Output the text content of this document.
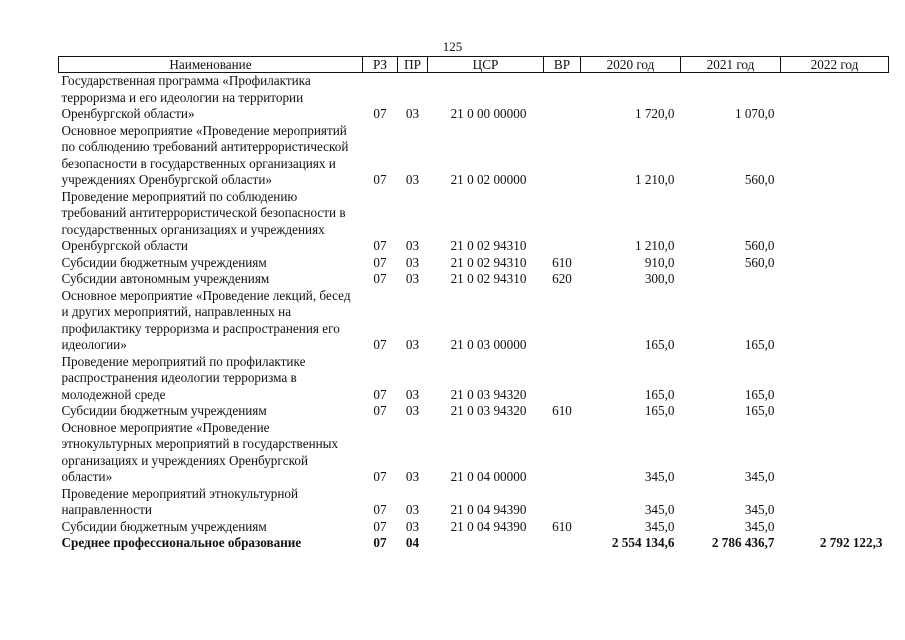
125
Наименование	РЗ	ПР	ЦСР	ВР	2020 год	2021 год	2022 год
Государственная программа «Профилактика терроризма и его идеологии на территории Оренбургской области»	07	03	21 0 00 00000		1 720,0	1 070,0	
Основное мероприятие «Проведение мероприятий по соблюдению требований антитеррористической безопасности в государственных организациях и учреждениях Оренбургской области»	07	03	21 0 02 00000		1 210,0	560,0	
Проведение мероприятий по соблюдению требований антитеррористической безопасности в государственных организациях и учреждениях Оренбургской области	07	03	21 0 02 94310		1 210,0	560,0	
Субсидии бюджетным учреждениям	07	03	21 0 02 94310	610	910,0	560,0	
Субсидии автономным учреждениям	07	03	21 0 02 94310	620	300,0		
Основное мероприятие «Проведение лекций, бесед и других мероприятий, направленных на профилактику терроризма и распространения его идеологии»	07	03	21 0 03 00000		165,0	165,0	
Проведение мероприятий по профилактике распространения идеологии терроризма в молодежной среде	07	03	21 0 03 94320		165,0	165,0	
Субсидии бюджетным учреждениям	07	03	21 0 03 94320	610	165,0	165,0	
Основное мероприятие «Проведение этнокультурных мероприятий в государственных организациях и учреждениях Оренбургской области»	07	03	21 0 04 00000		345,0	345,0	
Проведение мероприятий этнокультурной направленности	07	03	21 0 04 94390		345,0	345,0	
Субсидии бюджетным учреждениям	07	03	21 0 04 94390	610	345,0	345,0	
Среднее профессиональное образование	07	04			2 554 134,6	2 786 436,7	2 792 122,3
